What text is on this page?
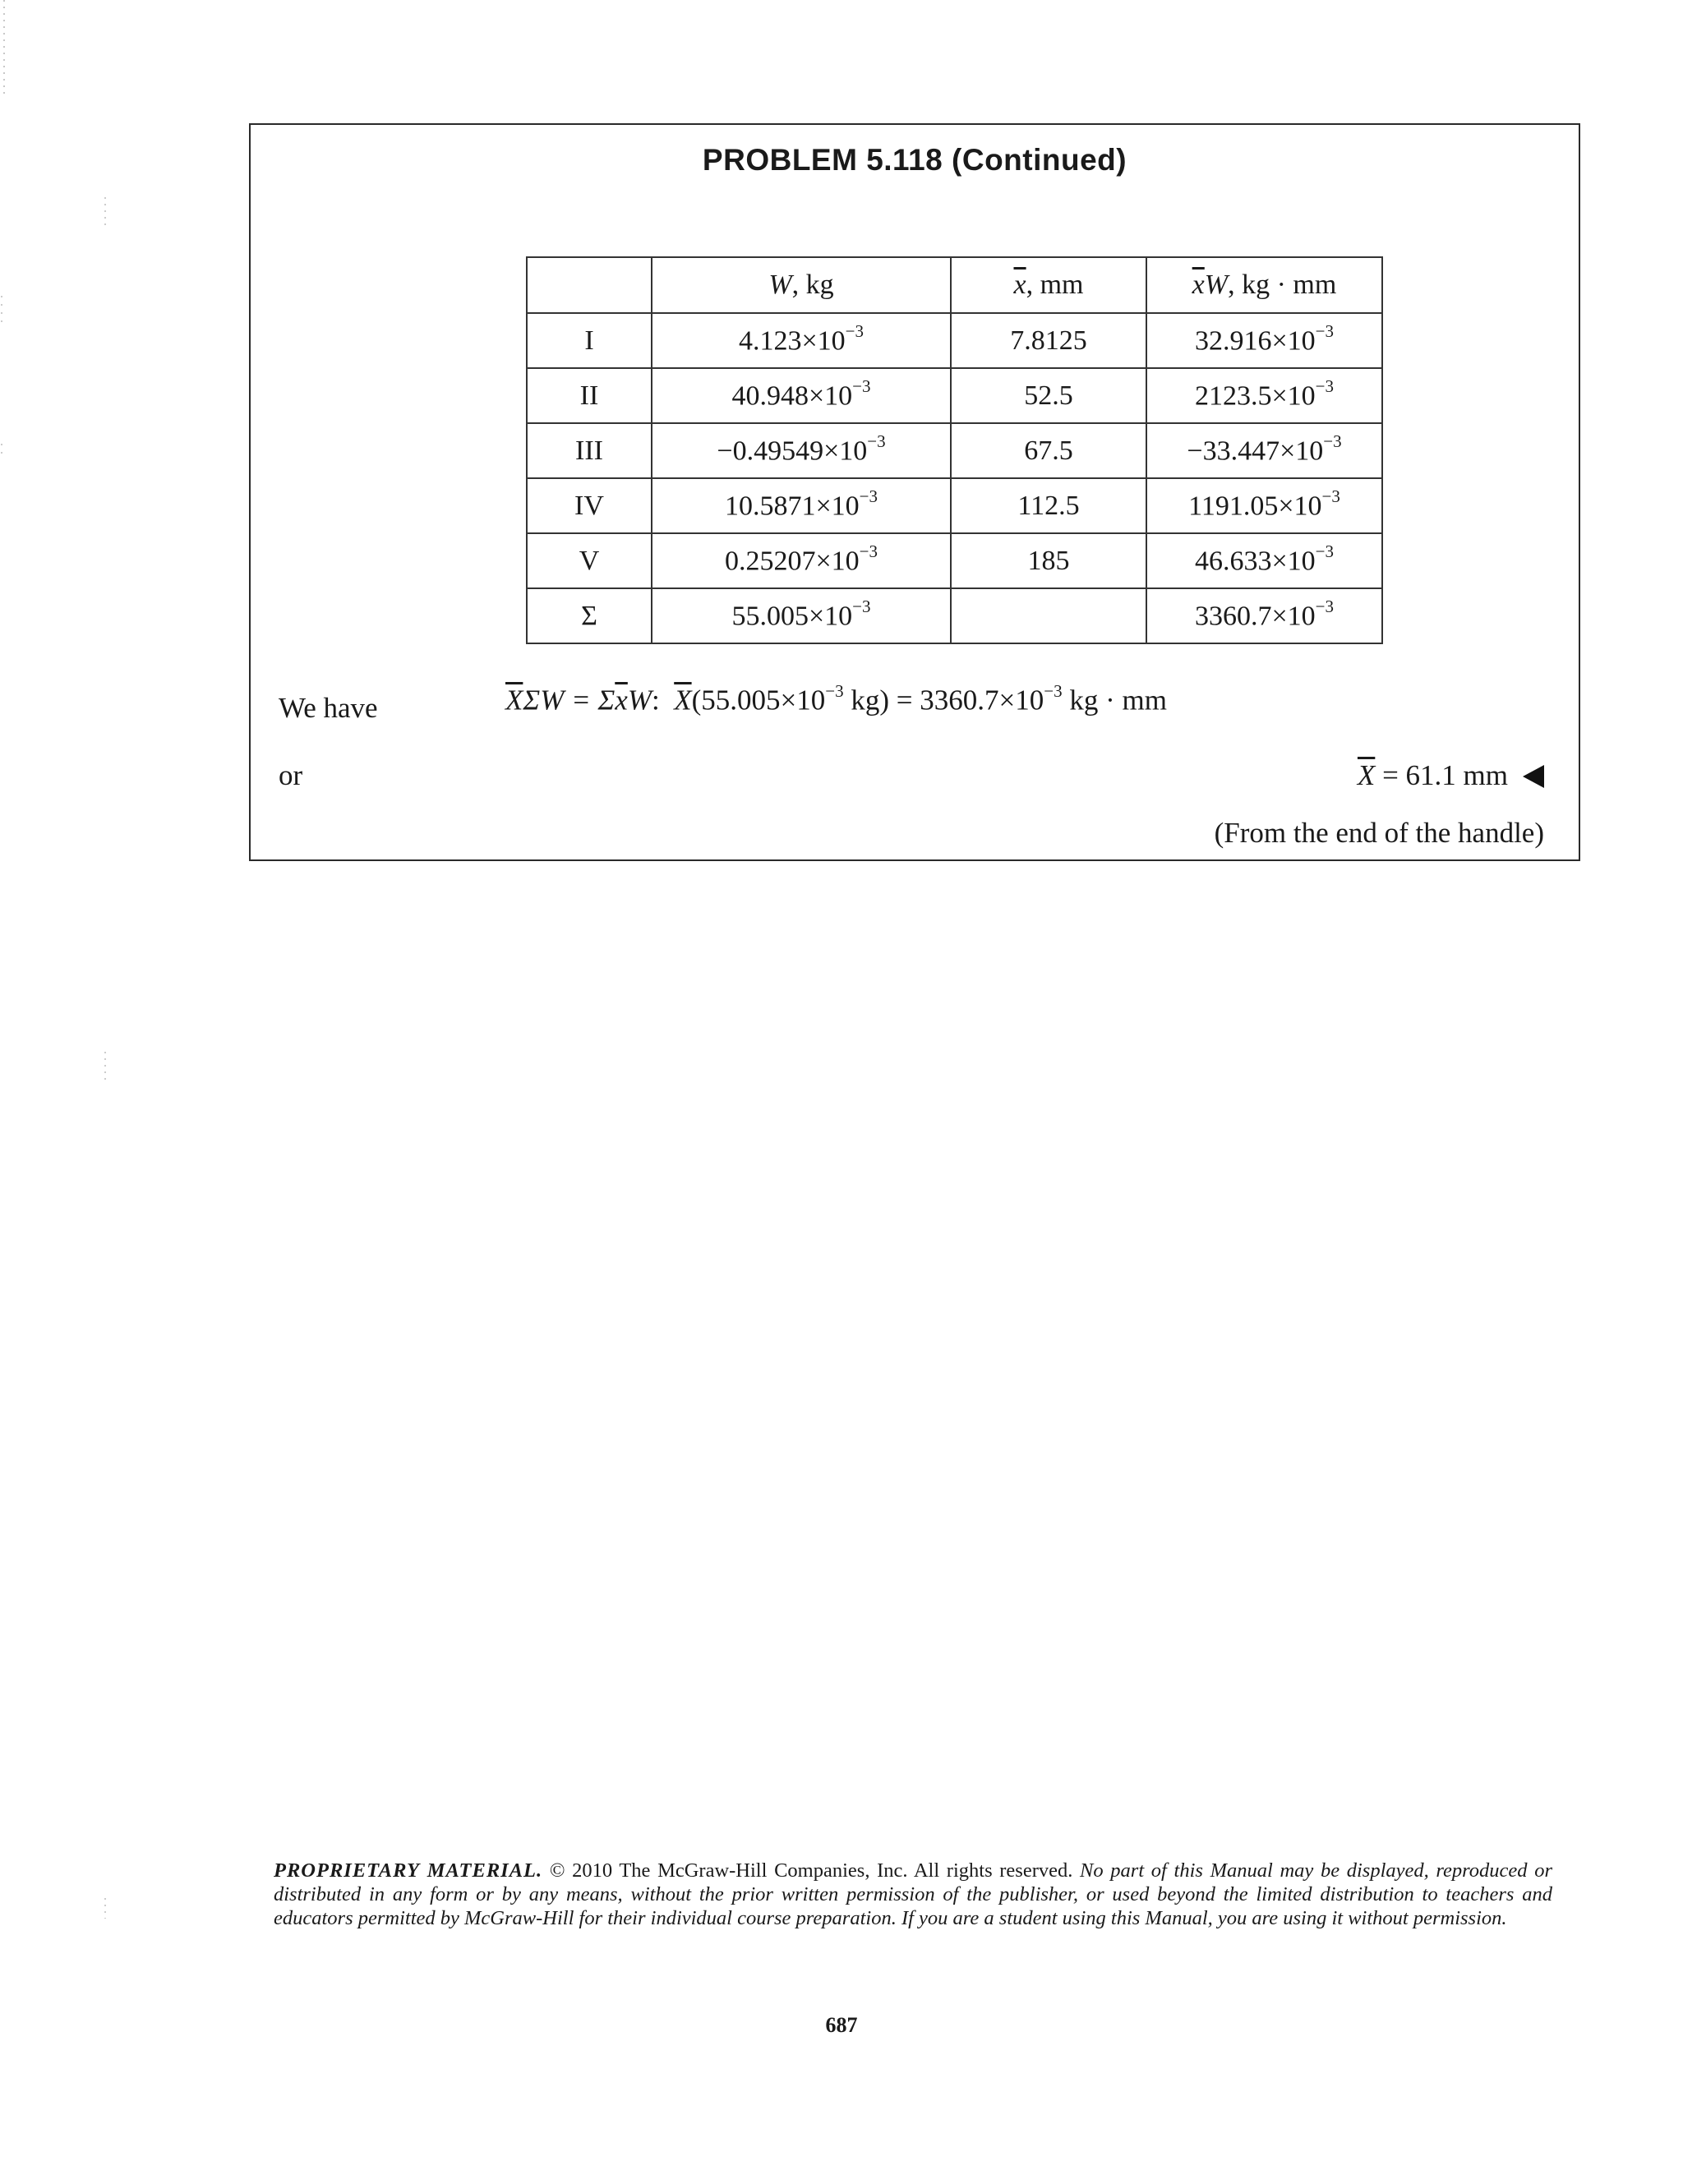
PROBLEM 5.118 (Continued)
	W, kg	$\overline{x}$, mm	$\overline{x}W$, kg · mm
I	$4.123\times 10^{-3}$	7.8125	$32.916\times 10^{-3}$
II	$40.948\times 10^{-3}$	52.5	$2123.5\times 10^{-3}$
III	$-0.49549\times 10^{-3}$	67.5	$-33.447\times 10^{-3}$
IV	$10.5871\times 10^{-3}$	112.5	$1191.05\times 10^{-3}$
V	$0.25207\times 10^{-3}$	185	$46.633\times 10^{-3}$
Σ	$55.005\times 10^{-3}$		$3360.7\times 10^{-3}$
We have
or
$\overline{X}\Sigma W = \Sigma\overline{x}W$: $\overline{X}(55.005\times 10^{-3}$ $kg) = 3360.7\times 10^{-3}$ kg · mm
$\overline{X} = 61.1$ mm
(From the end of the handle)
PROPRIETARY MATERIAL. © 2010 The McGraw-Hill Companies, Inc. All rights reserved. No part of this Manual may be displayed, reproduced or distributed in any form or by any means, without the prior written permission of the publisher, or used beyond the limited distribution to teachers and educators permitted by McGraw-Hill for their individual course preparation. If you are a student using this Manual, you are using it without permission.
687
